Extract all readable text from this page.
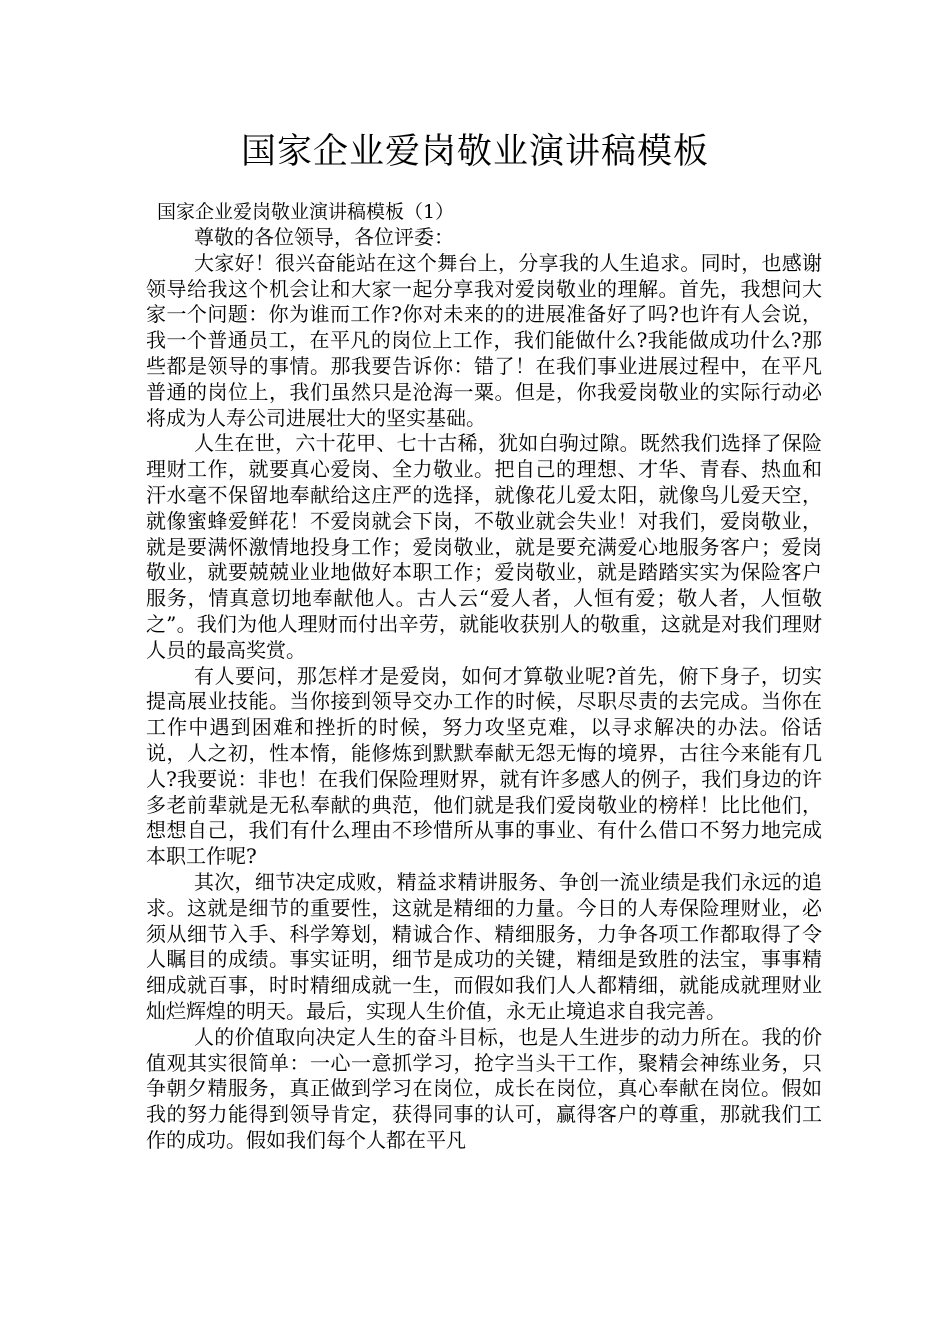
国家企业爱岗敬业演讲稿模板

国家企业爱岗敬业演讲稿模板（1）

尊敬的各位领导，各位评委：

大家好！很兴奋能站在这个舞台上，分享我的人生追求。同时，也感谢领导给我这个机会让和大家一起分享我对爱岗敬业的理解。首先，我想问大家一个问题：你为谁而工作?你对未来的的进展准备好了吗?也许有人会说，我一个普通员工，在平凡的岗位上工作，我们能做什么?我能做成功什么?那些都是领导的事情。那我要告诉你：错了！在我们事业进展过程中，在平凡普通的岗位上，我们虽然只是沧海一粟。但是，你我爱岗敬业的实际行动必将成为人寿公司进展壮大的坚实基础。

人生在世，六十花甲、七十古稀，犹如白驹过隙。既然我们选择了保险理财工作，就要真心爱岗、全力敬业。把自己的理想、才华、青春、热血和汗水毫不保留地奉献给这庄严的选择，就像花儿爱太阳，就像鸟儿爱天空，就像蜜蜂爱鲜花！不爱岗就会下岗，不敬业就会失业！对我们，爱岗敬业，就是要满怀激情地投身工作；爱岗敬业，就是要充满爱心地服务客户；爱岗敬业，就要兢兢业业地做好本职工作；爱岗敬业，就是踏踏实实为保险客户服务，情真意切地奉献他人。古人云“爱人者，人恒有爱；敬人者，人恒敬之”。我们为他人理财而付出辛劳，就能收获别人的敬重，这就是对我们理财人员的最高奖赏。

有人要问，那怎样才是爱岗，如何才算敬业呢?首先，俯下身子，切实提高展业技能。当你接到领导交办工作的时候，尽职尽责的去完成。当你在工作中遇到困难和挫折的时候，努力攻坚克难，以寻求解决的办法。俗话说，人之初，性本惰，能修炼到默默奉献无怨无悔的境界，古往今来能有几人?我要说：非也！在我们保险理财界，就有许多感人的例子，我们身边的许多老前辈就是无私奉献的典范，他们就是我们爱岗敬业的榜样！比比他们，想想自己，我们有什么理由不珍惜所从事的事业、有什么借口不努力地完成本职工作呢?

其次，细节决定成败，精益求精讲服务、争创一流业绩是我们永远的追求。这就是细节的重要性，这就是精细的力量。今日的人寿保险理财业，必须从细节入手、科学筹划，精诚合作、精细服务，力争各项工作都取得了令人瞩目的成绩。事实证明，细节是成功的关键，精细是致胜的法宝，事事精细成就百事，时时精细成就一生，而假如我们人人都精细，就能成就理财业灿烂辉煌的明天。最后，实现人生价值，永无止境追求自我完善。

人的价值取向决定人生的奋斗目标，也是人生进步的动力所在。我的价值观其实很简单：一心一意抓学习，抢字当头干工作，聚精会神练业务，只争朝夕精服务，真正做到学习在岗位，成长在岗位，真心奉献在岗位。假如我的努力能得到领导肯定，获得同事的认可，赢得客户的尊重，那就我们工作的成功。假如我们每个人都在平凡
